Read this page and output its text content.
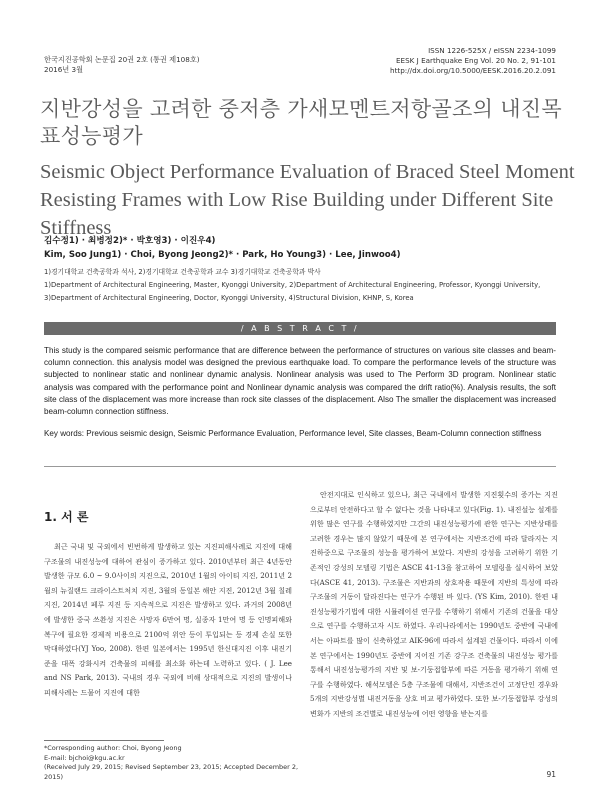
한국지진공학회 논문집 20권 2호 (통권 제108호)
2016년 3월
ISSN 1226-525X / eISSN 2234-1099
EESK J Earthquake Eng Vol. 20 No. 2, 91-101
http://dx.doi.org/10.5000/EESK.2016.20.2.091
지반강성을 고려한 중저층 가새모멘트저항골조의 내진목표성능평가
Seismic Object Performance Evaluation of Braced Steel Moment Resisting Frames with Low Rise Building under Different Site Stiffness
김수정1) · 최병정2)* · 박호영3) · 이진우4)
Kim, Soo Jung1) · Choi, Byong Jeong2)* · Park, Ho Young3) · Lee, Jinwoo4)
1)경기대학교 건축공학과 석사, 2)경기대학교 건축공학과 교수 3)경기대학교 건축공학과 박사
1)Department of Architectural Engineering, Master, Kyonggi University, 2)Department of Architectural Engineering, Professor, Kyonggi University,
3)Department of Architectural Engineering, Doctor, Kyonggi University, 4)Structural Division, KHNP, S, Korea
/ A B S T R A C T /
This study is the compared seismic performance that are difference between the performance of structures on various site classes and beam-column connection. this analysis model was designed the previous earthquake load. To compare the performance levels of the structure was subjected to nonlinear static and nonlinear dynamic analysis. Nonlinear analysis was used to The Perform 3D program. Nonlinear static analysis was compared with the performance point and Nonlinear dynamic analysis was compared the drift ratio(%). Analysis results, the soft site class of the displacement was more increase than rock site classes of the displacement. Also The smaller the displacement was increased beam-column connection stiffness.
Key words: Previous seismic design, Seismic Performance Evaluation, Performance level, Site classes, Beam-Column connection stiffness
1. 서 론

최근 국내 및 국외에서 빈번하게 발생하고 있는 지진피해사례로 지진에 대해 구조물의 내진성능에 대하여 관심이 증가하고 있다. 2010년부터 최근 4년동안 발생한 규모 6.0 ~ 9.0사이의 지진으로, 2010년 1월의 아이티 지진, 2011년 2월의 뉴질랜드 크라이스트처치 지진, 3월의 동일본 해안 지진, 2012년 3월 칠레 지진, 2014년 페루 지진 등 지속적으로 지진은 발생하고 있다. 과거의 2008년에 발생한 중국 쓰촨성 지진은 사망자 6만여 명, 실종자 1만여 명 등 인명피해와 복구에 필요한 경제적 비용으로 2100억 위안 등이 투입되는 등 경제 손실 또한 막대하였다(YJ Yoo, 2008). 한편 일본에서는 1995년 한신대지진 이후 내진기준을 대폭 강화시켜 건축물의 피해를 최소화 하는데 노력하고 있다. ( J. Lee and NS Park, 2013). 국내의 경우 국외에 비해 상대적으로 지진의 발생이나 피해사례는 드물어 지진에 대한

안전지대로 인식하고 있으나, 최근 국내에서 발생한 지진횟수의 증가는 지진으로부터 안전하다고 할 수 없다는 것을 나타내고 있다(Fig. 1). 내진설능 설계를 위한 많은 연구를 수행하였지만 그간의 내진성능평가에 관한 연구는 지반상태를 고려한 경우는 많지 않았기 때문에 본 연구에서는 지반조건에 따라 달라지는 지진하중으로 구조물의 성능을 평가하여 보았다. 지반의 강성을 고려하기 위한 기존적인 강성의 모델링 기법은 ASCE 41-13을 참고하여 모델링을 실시하여 보았다(ASCE 41, 2013). 구조물은 지반과의 상호작용 때문에 지반의 특성에 따라 구조물의 거동이 달라진다는 연구가 수행된 바 있다. (YS Kim, 2010). 한편 내진성능평가기법에 대한 시뮬레이션 연구를 수행하기 위해서 기존의 건물을 대상으로 연구를 수행하고자 시도 하였다. 우리나라에서는 1990년도 중반에 국내에서는 아파트를 많이 신축하였고 AIK-96에 따라서 설계된 건물이다. 따라서 이에 본 연구에서는 1990년도 중반에 지어진 기존 강구조 건축물의 내진성능 평가를 통해서 내진성능평가의 지반 및 보-기둥접합부에 따른 거동을 평가하기 위해 연구를 수행하였다. 해석모델은 5층 구조물에 대해서, 지반조건이 고정단인 경우와 5개의 지반강성별 내진거동을 상호 비교 평가하였다. 또한 보-기둥접합부 강성의 변화가 지반의 조건별로 내진성능에 어떤 영향을 받는지를

*Corresponding author: Choi, Byong Jeong
E-mail: bjchoi@kgu.ac.kr
(Received July 29, 2015; Revised September 23, 2015; Accepted December 2, 2015)	91
